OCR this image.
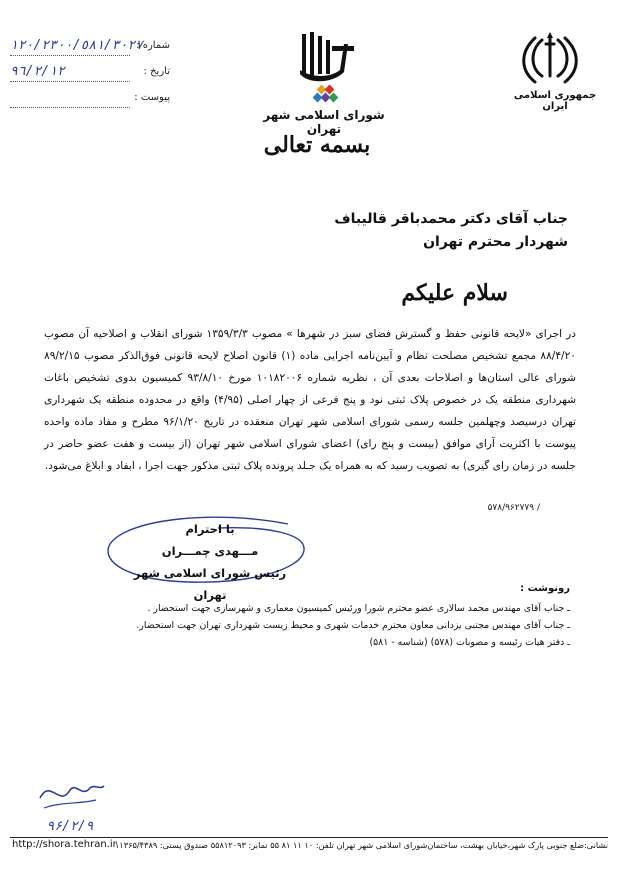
جمهوری اسلامی ایران
شورای اسلامی شهر تهران
بسمه تعالی
شماره :
١٢٠/٢٣٠٠/٥٨١/٣٠٢٧
تاریخ :
٩٦/٢/١٢
پیوست :
جناب آقای دکتر محمدباقر قالیباف
شهردار محترم تهران
سلام علیکم

در اجرای «لایحه قانونی حفظ و گسترش فضای سبز در شهرها » مصوب ۱۳۵۹/۳/۳ شورای انقلاب و اصلاحیه آن مصوب ۸۸/۴/۲۰ مجمع تشخیص مصلحت نظام و آیین‌نامه اجرایی ماده (۱) قانون اصلاح لایحه قانونی فوق‌الذکر مصوب ۸۹/۲/۱۵ شورای عالی استان‌ها و اصلاحات بعدی آن ، نظریه شماره ۱۰۱۸۲۰۰۶ مورخ ۹۳/۸/۱۰ کمیسیون بدوی تشخیص باغات شهرداری منطقه یک در خصوص پلاک ثبتی نود و پنج فرعی از چهار اصلی (۴/۹۵) واقع در محدوده منطقه یک شهرداری تهران درسیصد وچهلمین جلسه رسمی شورای اسلامی شهر تهران منعقده در تاریخ ۹۶/۱/۲۰ مطرح و مفاد ماده واحده پیوست با اکثریت آرای موافق (بیست و پنج رای) اعضای شورای اسلامی شهر تهران (از بیست و هفت عضو حاضر در جلسه در زمان رای گیری) به تصویب رسید که به همراه یک جـلد پرونده پلاک ثبتی مذکور جهت اجرا ، ابفاد و ابلاغ می‌شود.

۵۷۸/۹۶۲۷۷۹ /
با احترام
مـــهدی چمـــران
رئیس شورای اسلامی شهر تهران	رونوشت :
ـ جناب آقای مهندس محمد سالاری عضو محترم شورا ورئیس کمیسیون معماری و شهرسازی جهت استحضار .
ـ جناب آقای مهندس مجتبی یزدانی معاون محترم خدمات شهری و محیط زیست شهرداری تهران جهت استحضار.
ـ دفتر هیات رئیسه و مصوبات (۵۷۸) (شناسه - ۵۸۱)
۹۶/۲/۹
نشانی:ضلع جنوبی پارک شهر،خیابان بهشت، ساختمان‌شورای اسلامی شهر تهران تلفن: ۱۰ ۱۱ ۸۱ ۵۵ نمابر: ۵۵۸۱۲۰۹۳ صندوق پستی: ۱۱۳۶۵/۴۳۸۹
http://shora.tehran.ir
